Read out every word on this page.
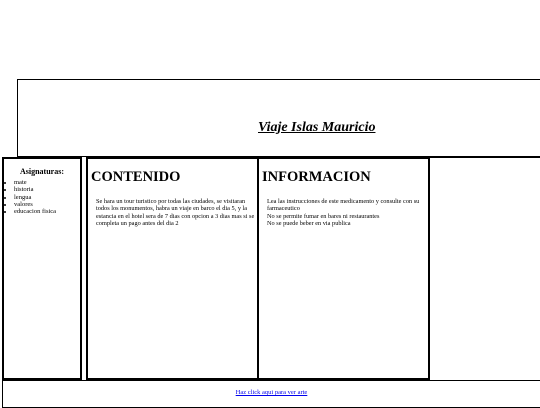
Viaje Islas Mauricio
Asignaturas:
• mate
• historia
• lengua
• valores
• educacion fisica
CONTENIDO
• Se hara un tour turistico por todas las ciudades, se visitaran todos los monumentos, habra un viaje en barco el dia 5, y la estancia en el hotel sera de 7 dias con opcion a 3 dias mas si se completa un pago antes del dia 2
INFORMACION
• Lea las instrucciones de este medicamento y consulte con su farmaceutico
• No se permite fumar en bares ni restaurantes
• No se puede beber en via publica
Haz click aqui para ver arte
